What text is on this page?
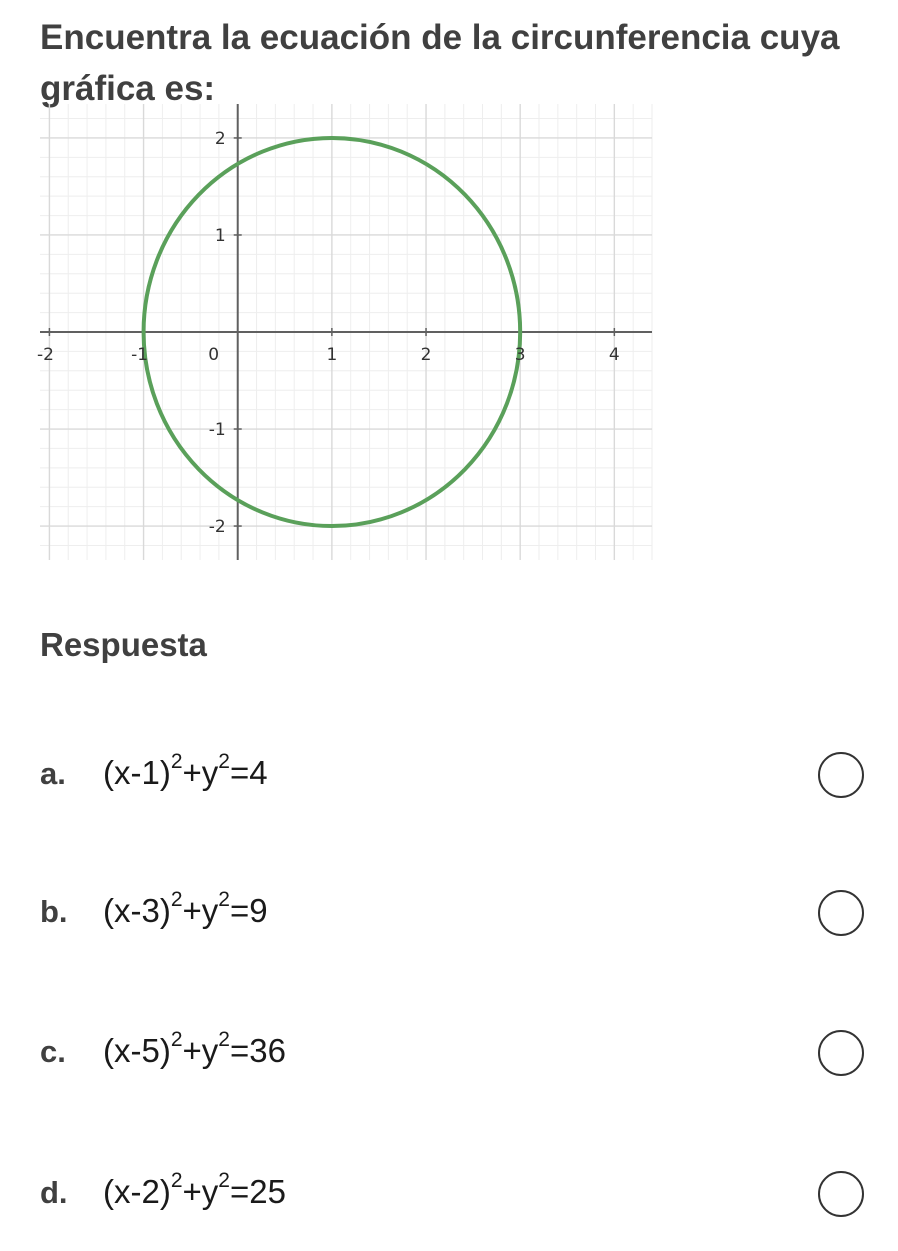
Encuentra la ecuación de la circunferencia cuya gráfica es:
-2	-1	0	1	2	3	4
2
1
-1
-2
Respuesta
a. $(x-1)^2+y^2=4$
b. $(x-3)^2+y^2=9$
c. $(x-5)^2+y^2=36$
d. $(x-2)^2+y^2=25$
